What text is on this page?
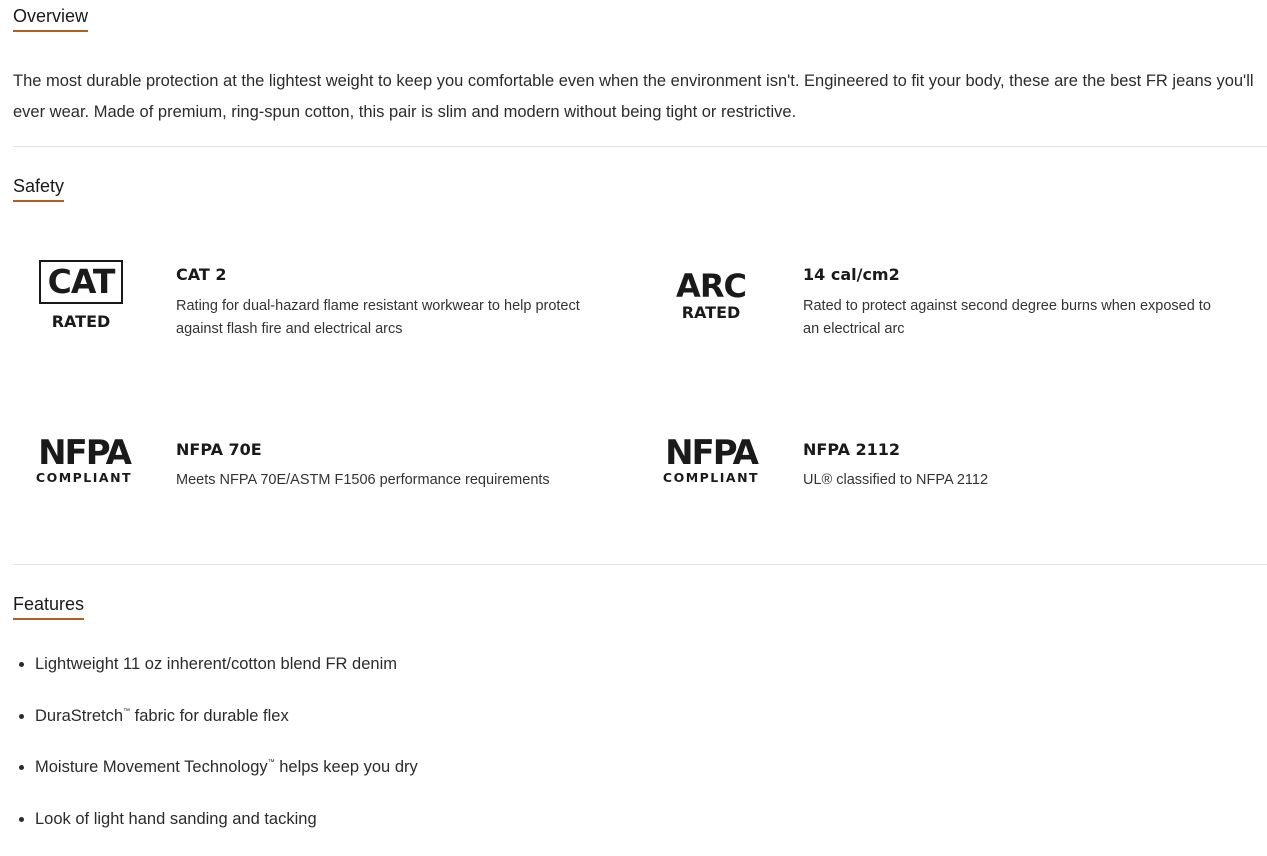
Overview

The most durable protection at the lightest weight to keep you comfortable even when the environment isn't. Engineered to fit your body, these are the best FR jeans you'll ever wear. Made of premium, ring-spun cotton, this pair is slim and modern without being tight or restrictive.

Safety
CAT
RATED
CAT 2

Rating for dual-hazard flame resistant workwear to help protect against flash fire and electrical arcs

ARC
RATED
14 cal/cm2

Rated to protect against second degree burns when exposed to an electrical arc

NFPA
COMPLIANT
NFPA 70E

Meets NFPA 70E/ASTM F1506 performance requirements

NFPA
COMPLIANT
NFPA 2112

UL® classified to NFPA 2112

Features
• Lightweight 11 oz inherent/cotton blend FR denim
• DuraStretch™ fabric for durable flex
• Moisture Movement Technology™ helps keep you dry
• Look of light hand sanding and tacking
